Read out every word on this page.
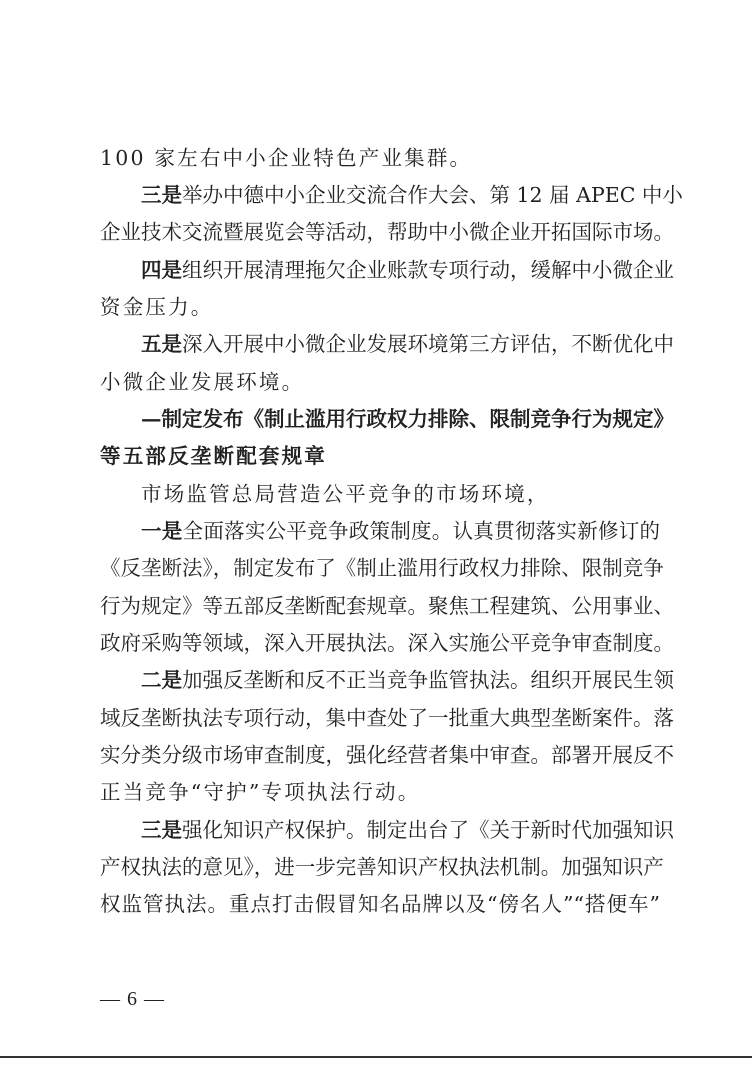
100 家左右中小企业特色产业集群。
三是举办中德中小企业交流合作大会、第 12 届 APEC 中小
企业技术交流暨展览会等活动，帮助中小微企业开拓国际市场。
四是组织开展清理拖欠企业账款专项行动，缓解中小微企业
资金压力。
五是深入开展中小微企业发展环境第三方评估，不断优化中
小微企业发展环境。
—制定发布《制止滥用行政权力排除、限制竞争行为规定》
等五部反垄断配套规章
市场监管总局营造公平竞争的市场环境，
一是全面落实公平竞争政策制度。认真贯彻落实新修订的
《反垄断法》，制定发布了《制止滥用行政权力排除、限制竞争
行为规定》等五部反垄断配套规章。聚焦工程建筑、公用事业、
政府采购等领域，深入开展执法。深入实施公平竞争审查制度。
二是加强反垄断和反不正当竞争监管执法。组织开展民生领
域反垄断执法专项行动，集中查处了一批重大典型垄断案件。落
实分类分级市场审查制度，强化经营者集中审查。部署开展反不
正当竞争“守护”专项执法行动。
三是强化知识产权保护。制定出台了《关于新时代加强知识
产权执法的意见》，进一步完善知识产权执法机制。加强知识产
权监管执法。重点打击假冒知名品牌以及“傍名人”“搭便车”
— 6 —
